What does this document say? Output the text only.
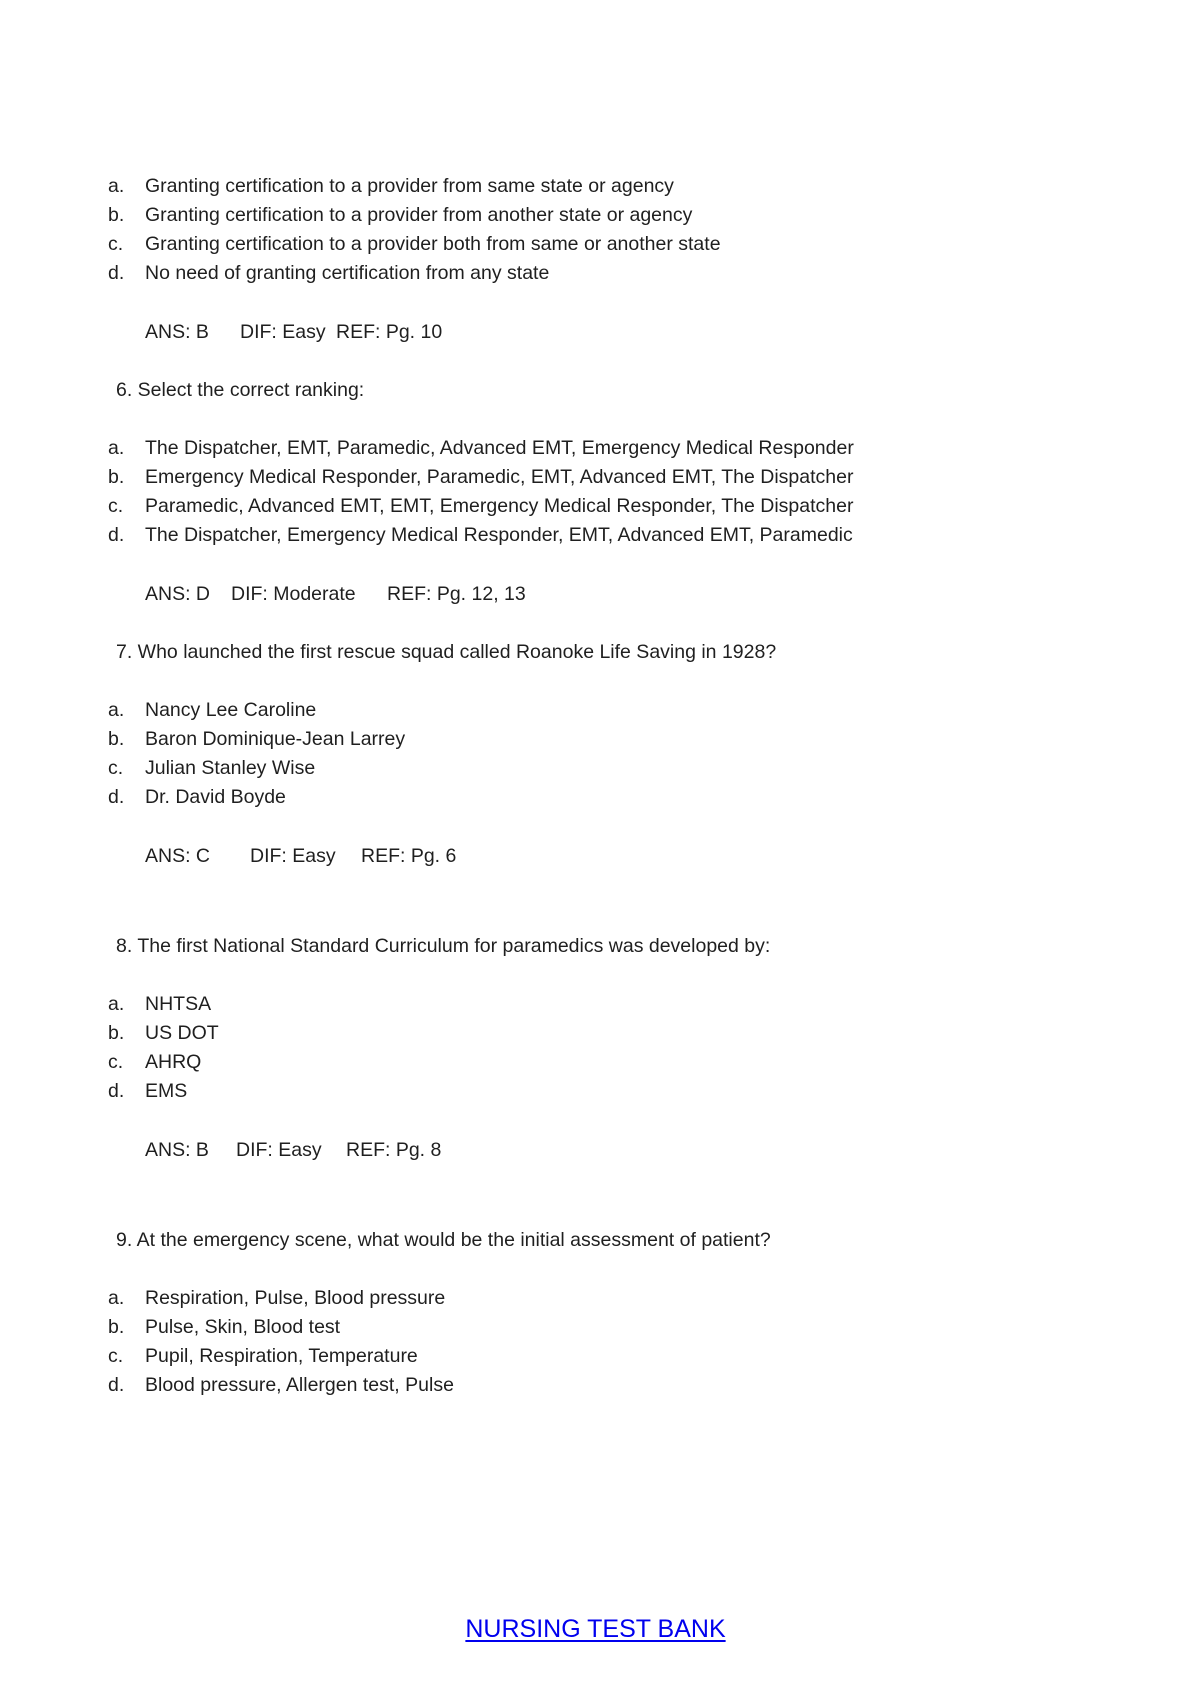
a. Granting certification to a provider from same state or agency
b. Granting certification to a provider from another state or agency
c. Granting certification to a provider both from same or another state
d. No need of granting certification from any state
ANS: B DIF: Easy REF: Pg. 10
6. Select the correct ranking:
a. The Dispatcher, EMT, Paramedic, Advanced EMT, Emergency Medical Responder
b. Emergency Medical Responder, Paramedic, EMT, Advanced EMT, The Dispatcher
c. Paramedic, Advanced EMT, EMT, Emergency Medical Responder, The Dispatcher
d. The Dispatcher, Emergency Medical Responder, EMT, Advanced EMT, Paramedic
ANS: D DIF: Moderate REF: Pg. 12, 13
7. Who launched the first rescue squad called Roanoke Life Saving in 1928?
a. Nancy Lee Caroline
b. Baron Dominique-Jean Larrey
c. Julian Stanley Wise
d. Dr. David Boyde
ANS: C DIF: Easy REF: Pg. 6
8. The first National Standard Curriculum for paramedics was developed by:
a. NHTSA
b. US DOT
c. AHRQ
d. EMS
ANS: B DIF: Easy REF: Pg. 8
9. At the emergency scene, what would be the initial assessment of patient?
a. Respiration, Pulse, Blood pressure
b. Pulse, Skin, Blood test
c. Pupil, Respiration, Temperature
d. Blood pressure, Allergen test, Pulse
NURSING TEST BANK
